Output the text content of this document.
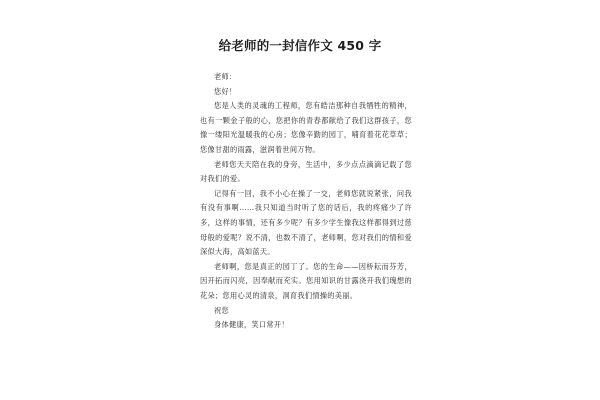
给老师的一封信作文 450 字

老师：

您好！

您是人类的灵魂的工程师，您有皓洁那种自我牺牲的精神，也有一颗金子般的心，您把你的青春都献给了我们这群孩子，您像一缕阳光温暖我的心房；您像辛勤的园丁，哺育着花花草草；您像甘甜的雨露，滋润着世间万物。

老师您天天陪在我的身旁，生活中，多少点点滴滴记载了您对我们的爱。

记得有一回，我不小心在操了一交，老师您就说紧张，问我有没有事啊……我只知道当时听了您的话后，我的疼痛少了许多，这样的事情，还有多少呢？有多少学生像我这样都得到过慈母般的爱呢？说不清，也数不清了，老师啊，您对我们的情和爱深似大海，高如蓝天。

老师啊，您是真正的园丁了。您的生命——因桥耘而芬芳，因开拓而闪亮，因奉献而充实。您用知识的甘露浇开我们瑰想的花朵；您用心灵的清泉，洞育我们情操的美丽。

祝您

身体健康，笑口常开！
